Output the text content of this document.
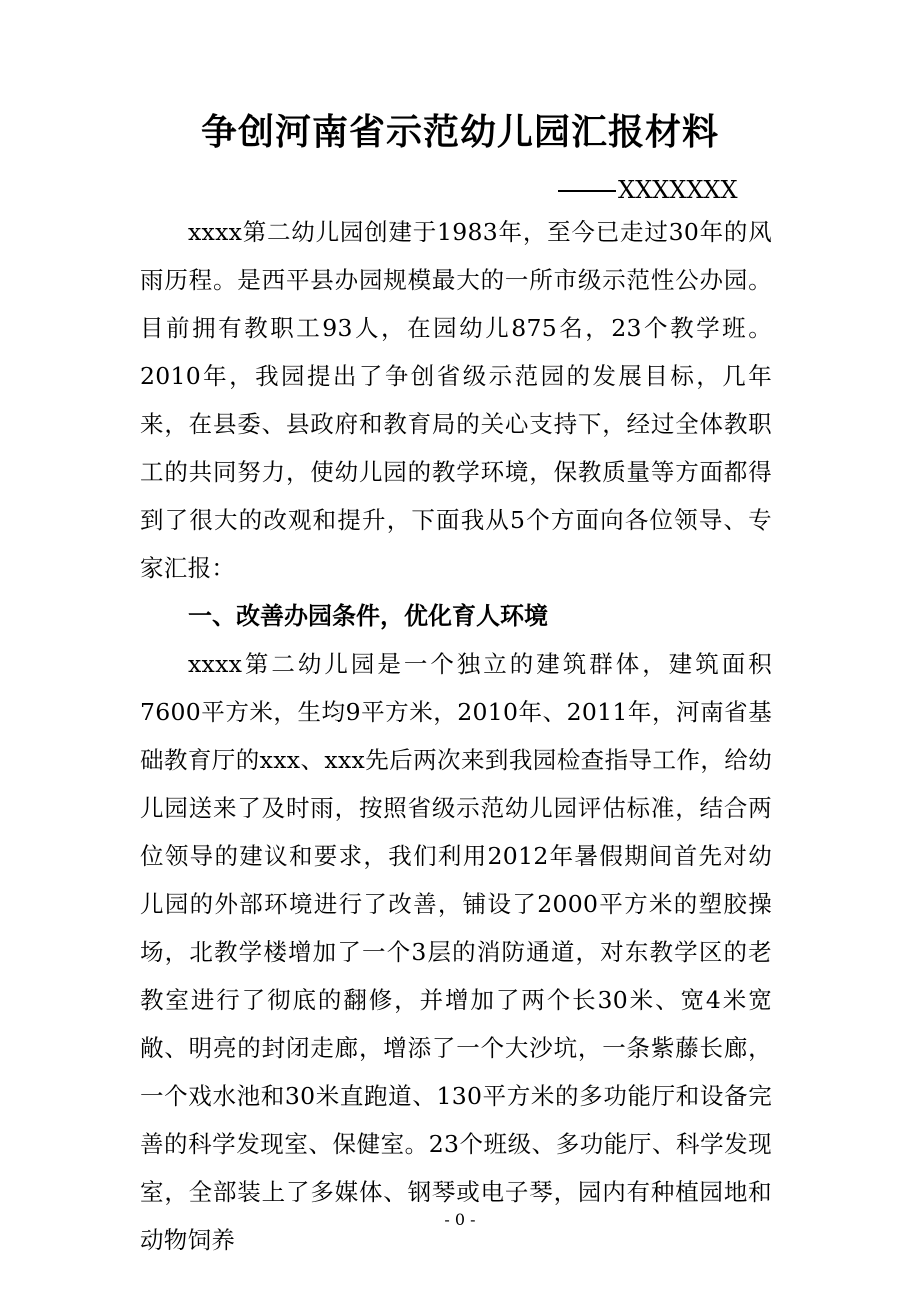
争创河南省示范幼儿园汇报材料
XXXXXXX

xxxx第二幼儿园创建于1983年，至今已走过30年的风雨历程。是西平县办园规模最大的一所市级示范性公办园。目前拥有教职工93人，在园幼儿875名，23个教学班。2010年，我园提出了争创省级示范园的发展目标，几年来，在县委、县政府和教育局的关心支持下，经过全体教职工的共同努力，使幼儿园的教学环境，保教质量等方面都得到了很大的改观和提升，下面我从5个方面向各位领导、专家汇报：

一、改善办园条件，优化育人环境

xxxx第二幼儿园是一个独立的建筑群体，建筑面积7600平方米，生均9平方米，2010年、2011年，河南省基础教育厅的xxx、xxx先后两次来到我园检查指导工作，给幼儿园送来了及时雨，按照省级示范幼儿园评估标准，结合两位领导的建议和要求，我们利用2012年暑假期间首先对幼儿园的外部环境进行了改善，铺设了2000平方米的塑胶操场，北教学楼增加了一个3层的消防通道，对东教学区的老教室进行了彻底的翻修，并增加了两个长30米、宽4米宽敞、明亮的封闭走廊，增添了一个大沙坑，一条紫藤长廊，一个戏水池和30米直跑道、130平方米的多功能厅和设备完善的科学发现室、保健室。23个班级、多功能厅、科学发现室，全部装上了多媒体、钢琴或电子琴，园内有种植园地和动物饲养

- 0 -
